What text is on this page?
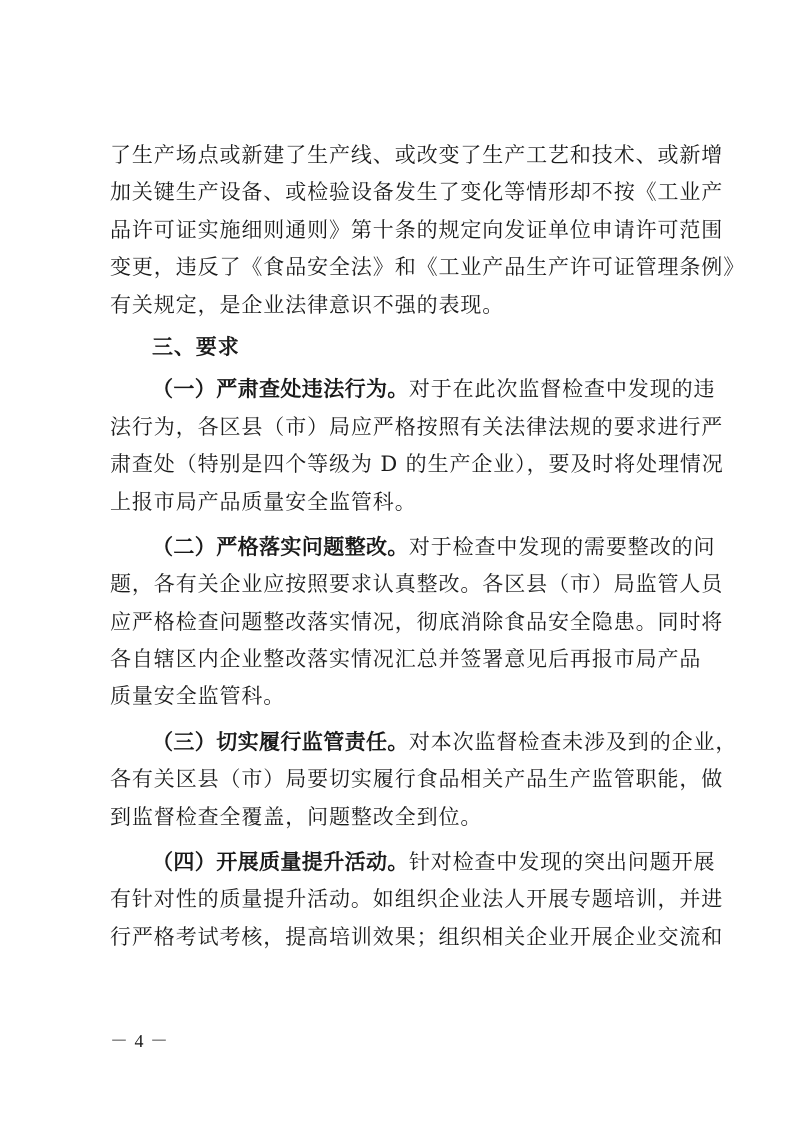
了生产场点或新建了生产线、或改变了生产工艺和技术、或新增
加关键生产设备、或检验设备发生了变化等情形却不按《工业产
品许可证实施细则通则》第十条的规定向发证单位申请许可范围
变更，违反了《食品安全法》和《工业产品生产许可证管理条例》
有关规定，是企业法律意识不强的表现。
三、要求
（一）严肃查处违法行为。对于在此次监督检查中发现的违
法行为，各区县（市）局应严格按照有关法律法规的要求进行严
肃查处（特别是四个等级为 D 的生产企业），要及时将处理情况
上报市局产品质量安全监管科。
（二）严格落实问题整改。对于检查中发现的需要整改的问
题，各有关企业应按照要求认真整改。各区县（市）局监管人员
应严格检查问题整改落实情况，彻底消除食品安全隐患。同时将
各自辖区内企业整改落实情况汇总并签署意见后再报市局产品
质量安全监管科。
（三）切实履行监管责任。对本次监督检查未涉及到的企业，
各有关区县（市）局要切实履行食品相关产品生产监管职能，做
到监督检查全覆盖，问题整改全到位。
（四）开展质量提升活动。针对检查中发现的突出问题开展
有针对性的质量提升活动。如组织企业法人开展专题培训，并进
行严格考试考核，提高培训效果；组织相关企业开展企业交流和
－ 4 －
